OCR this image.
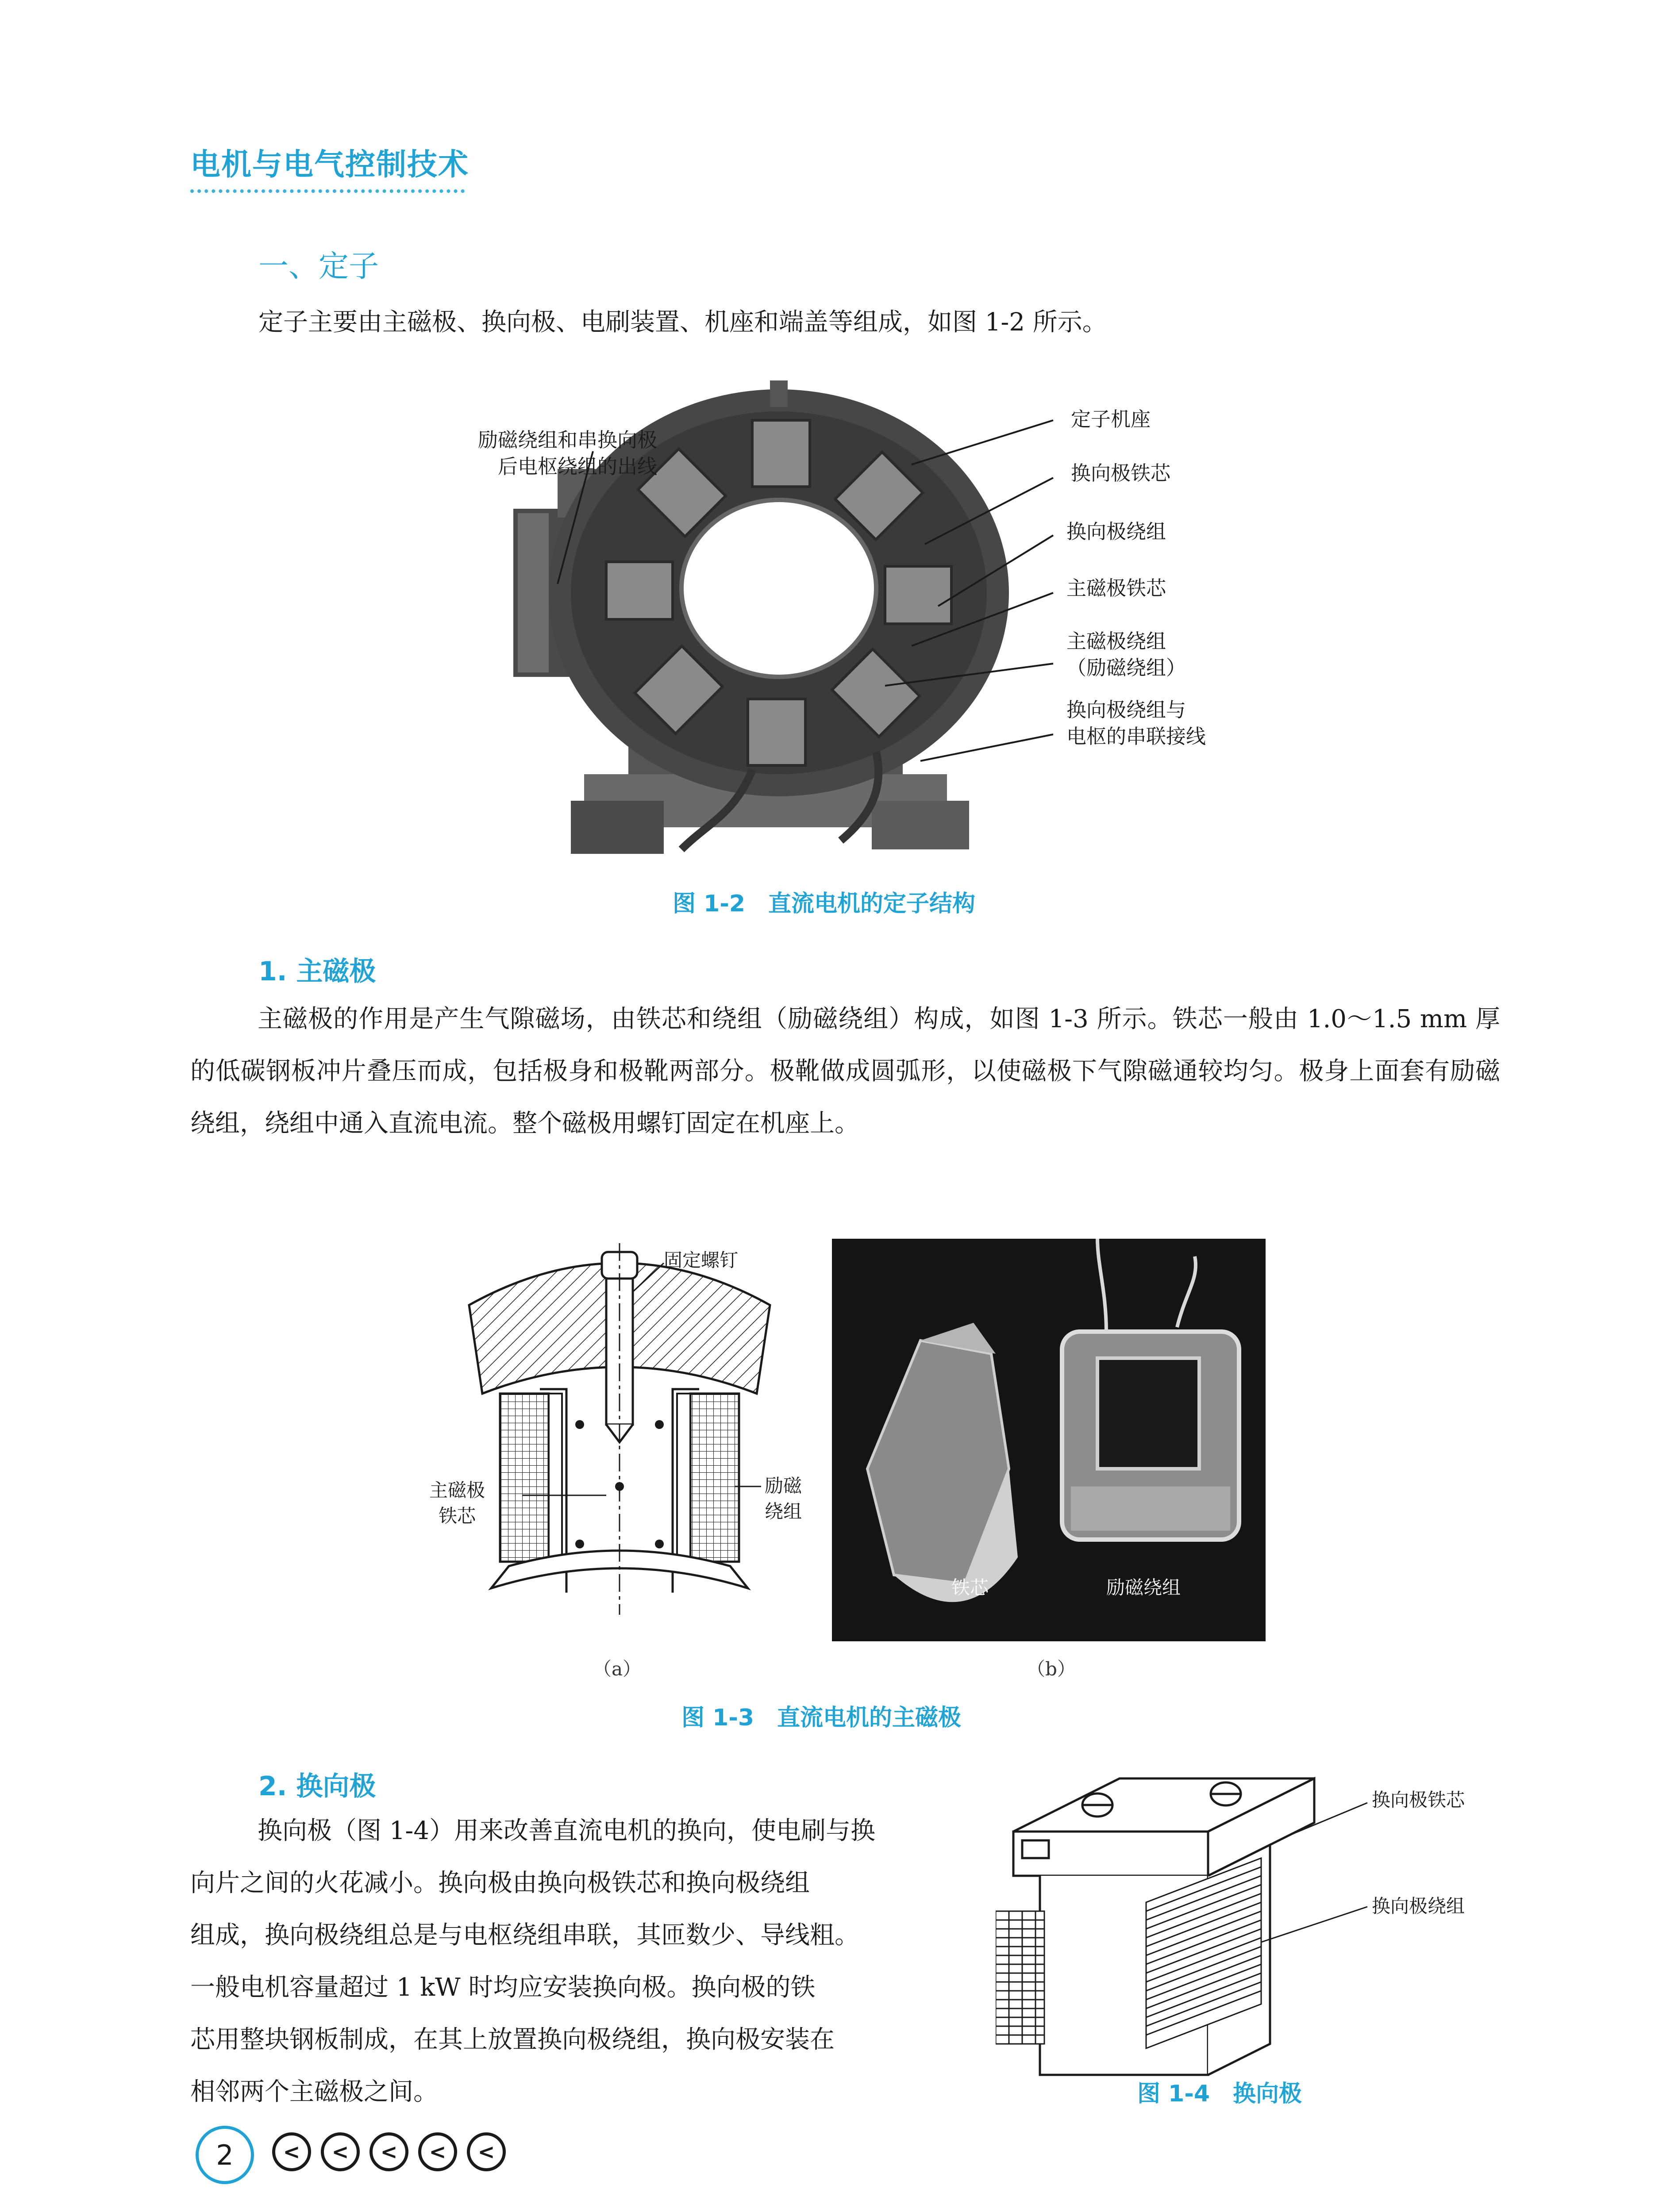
电机与电气控制技术
一、定子
定子主要由主磁极、换向极、电刷装置、机座和端盖等组成，如图 1-2 所示。
励磁绕组和串换向极
后电枢绕组的出线
定子机座
换向极铁芯
换向极绕组
主磁极铁芯
主磁极绕组
（励磁绕组）
换向极绕组与
电枢的串联接线
图 1-2　直流电机的定子结构
1. 主磁极
主磁极的作用是产生气隙磁场，由铁芯和绕组（励磁绕组）构成，如图 1-3 所示。铁芯一般由 1.0～1.5 mm 厚的低碳钢板冲片叠压而成，包括极身和极靴两部分。极靴做成圆弧形，以使磁极下气隙磁通较均匀。极身上面套有励磁绕组，绕组中通入直流电流。整个磁极用螺钉固定在机座上。
固定螺钉
主磁极
铁芯
励磁
绕组
铁芯	励磁绕组
（a）	（b）
图 1-3　直流电机的主磁极
2. 换向极
换向极（图 1-4）用来改善直流电机的换向，使电刷与换
向片之间的火花减小。换向极由换向极铁芯和换向极绕组
组成，换向极绕组总是与电枢绕组串联，其匝数少、导线粗。
一般电机容量超过 1 kW 时均应安装换向极。换向极的铁
芯用整块钢板制成，在其上放置换向极绕组，换向极安装在
相邻两个主磁极之间。
换向极铁芯
换向极绕组
图 1-4　换向极
2	<	<	<	<	<
